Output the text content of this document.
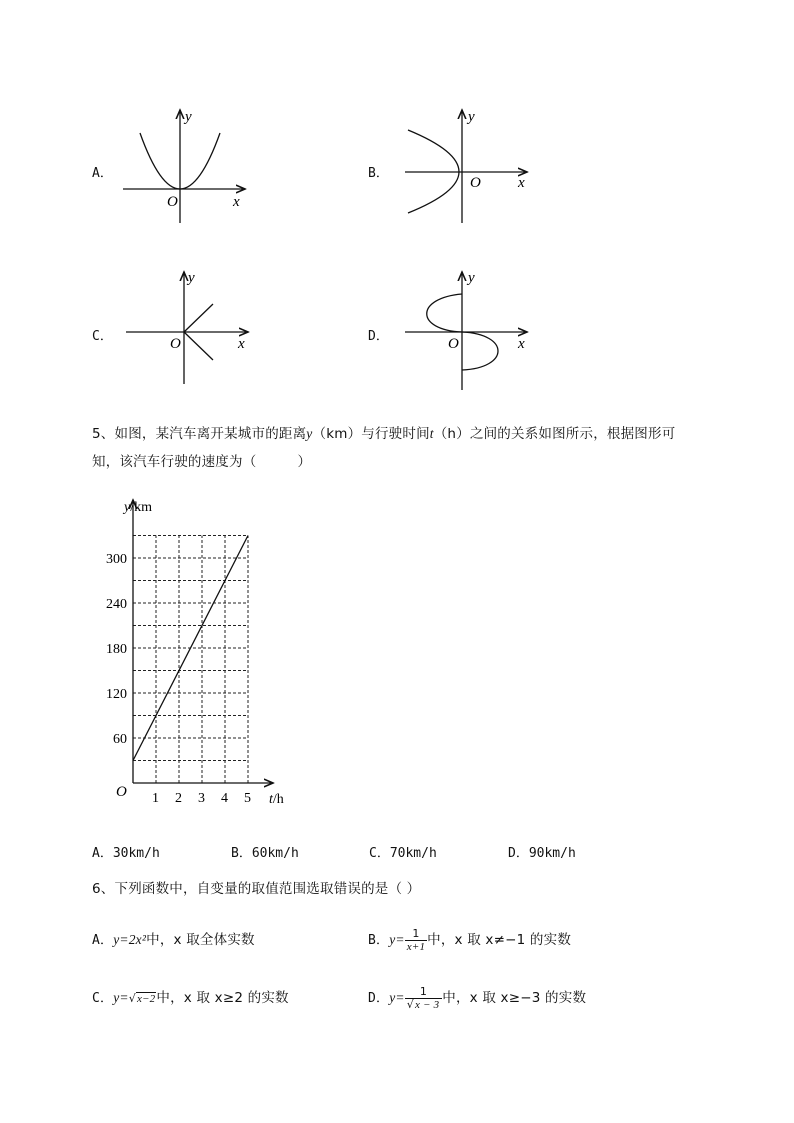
A．
O	x
y
B．
O x
y
C．	O	x
y
D．	O	x
y
5、如图，某汽车离开某城市的距离y（km）与行驶时间t（h）之间的关系如图所示，根据图形可
知，该汽车行驶的速度为（　　　）
1 2 3 4 5
60
120
180
240
300
y/km
t/h
O
A．30km/h	B．60km/h	C．70km/h	D．90km/h
6、下列函数中，自变量的取值范围选取错误的是（ ）
A．y=2x²中，x 取全体实数	B．$y= \frac{1}{x+1}$ 中，x 取 x≠−1 的实数
C．y=√x−2中，x 取 x≥2 的实数	D．$y= \frac{1}{√x - 3}$ 中，x 取 x≥−3 的实数
